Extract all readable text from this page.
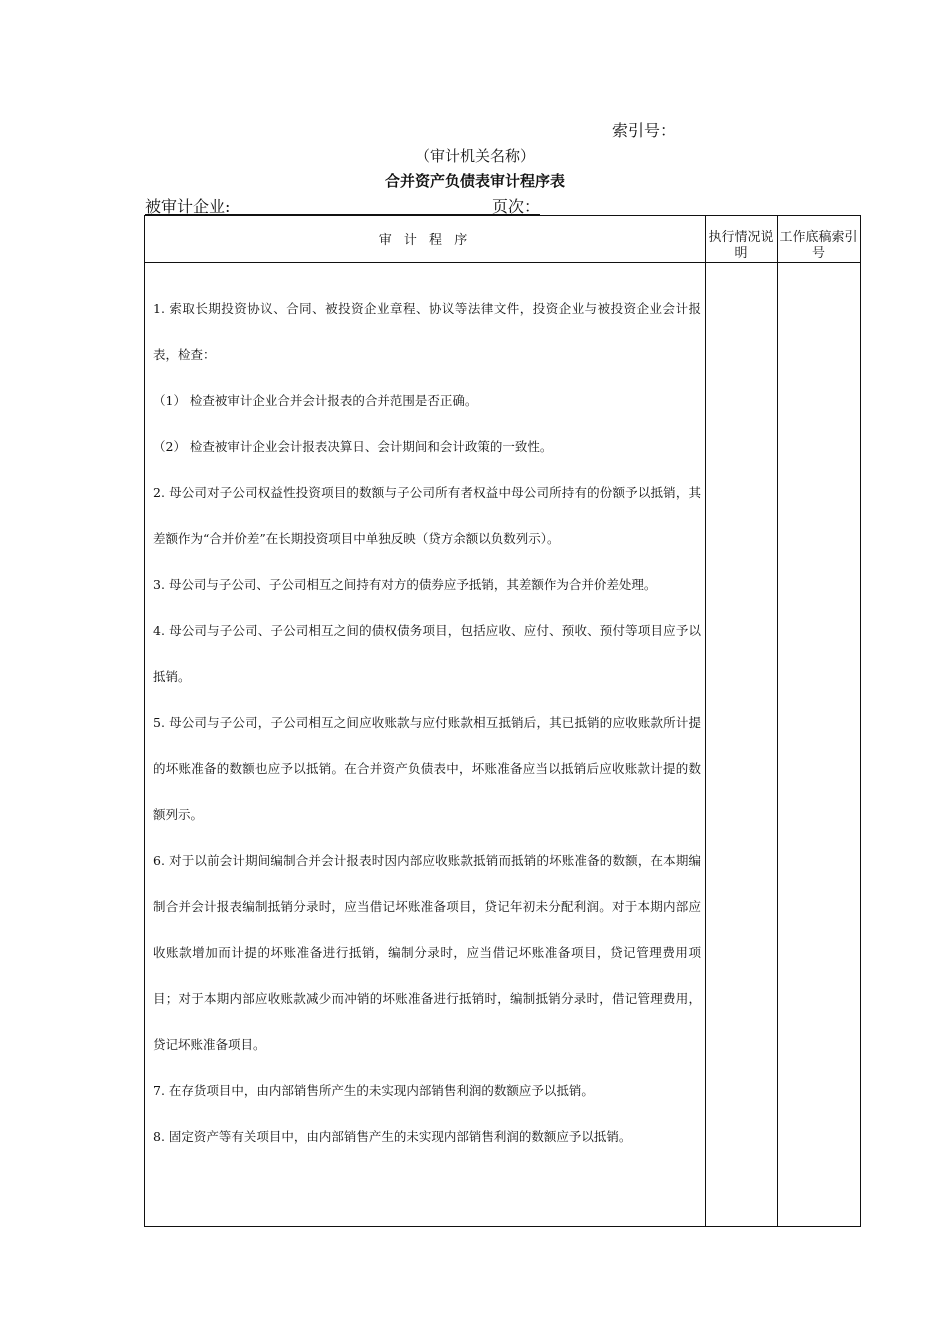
索引号：
（审计机关名称）
合并资产负债表审计程序表
被审计企业:	页次：
审 计 程 序	执行情况说明
工作底稿索引号

1. 索取长期投资协议、合同、被投资企业章程、协议等法律文件，投资企业与被投资企业会计报表，检查：

（1） 检查被审计企业合并会计报表的合并范围是否正确。

（2） 检查被审计企业会计报表决算日、会计期间和会计政策的一致性。

2. 母公司对子公司权益性投资项目的数额与子公司所有者权益中母公司所持有的份额予以抵销，其差额作为“合并价差”在长期投资项目中单独反映（贷方余额以负数列示）。

3. 母公司与子公司、子公司相互之间持有对方的债券应予抵销，其差额作为合并价差处理。

4. 母公司与子公司、子公司相互之间的债权债务项目，包括应收、应付、预收、预付等项目应予以抵销。

5. 母公司与子公司，子公司相互之间应收账款与应付账款相互抵销后，其已抵销的应收账款所计提的坏账准备的数额也应予以抵销。在合并资产负债表中，坏账准备应当以抵销后应收账款计提的数额列示。

6. 对于以前会计期间编制合并会计报表时因内部应收账款抵销而抵销的坏账准备的数额，在本期编制合并会计报表编制抵销分录时，应当借记坏账准备项目，贷记年初未分配利润。对于本期内部应收账款增加而计提的坏账准备进行抵销，编制分录时，应当借记坏账准备项目，贷记管理费用项目；对于本期内部应收账款减少而冲销的坏账准备进行抵销时，编制抵销分录时，借记管理费用，贷记坏账准备项目。

7. 在存货项目中，由内部销售所产生的未实现内部销售利润的数额应予以抵销。

8. 固定资产等有关项目中，由内部销售产生的未实现内部销售利润的数额应予以抵销。
